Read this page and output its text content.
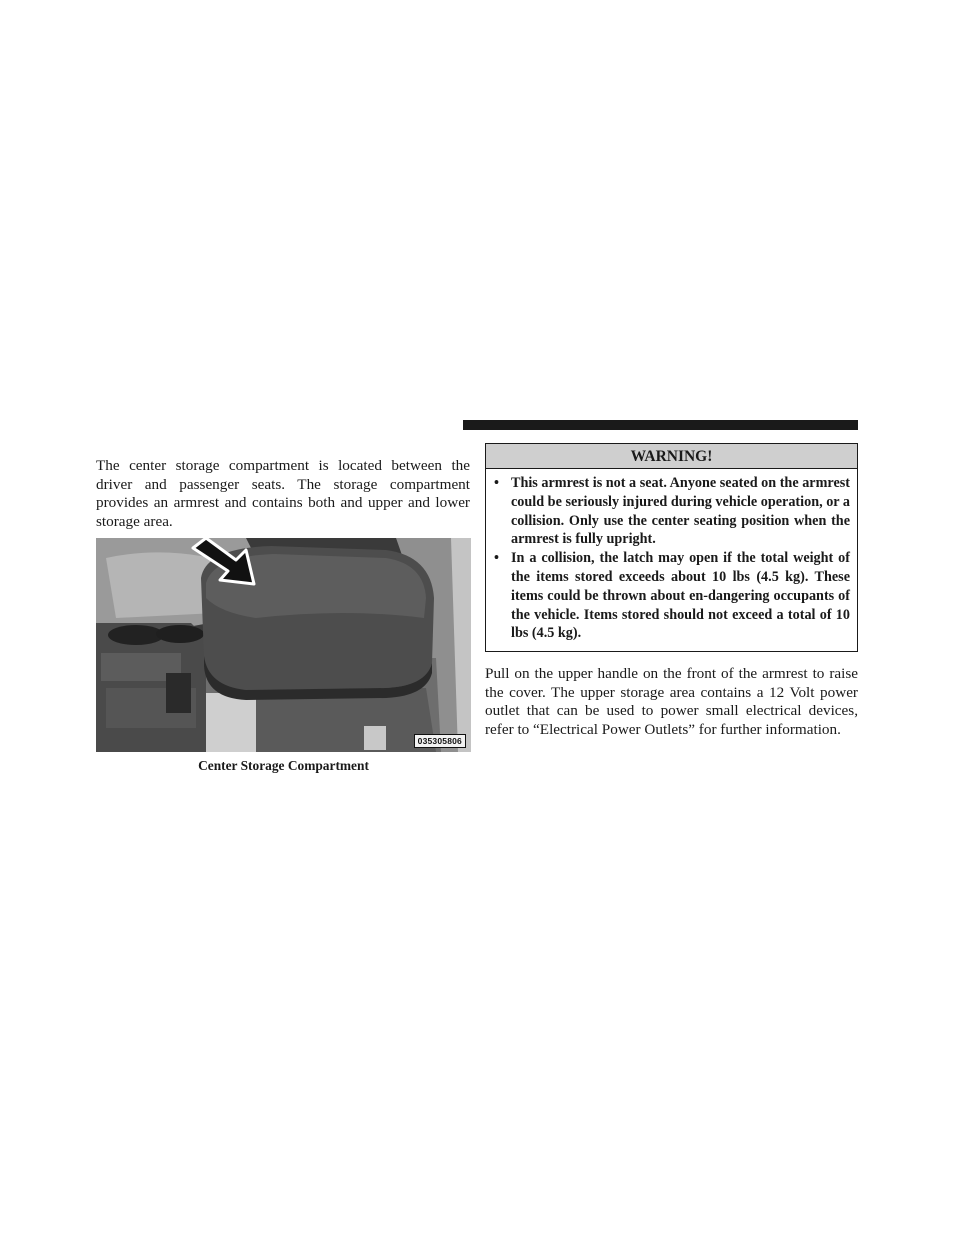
The center storage compartment is located between the driver and passenger seats. The storage compartment provides an armrest and contains both and upper and lower storage area.

035305806

Center Storage Compartment

WARNING!
• This armrest is not a seat. Anyone seated on the armrest could be seriously injured during vehicle operation, or a collision. Only use the center seating position when the armrest is fully upright.
• In a collision, the latch may open if the total weight of the items stored exceeds about 10 lbs (4.5 kg). These items could be thrown about en-dangering occupants of the vehicle. Items stored should not exceed a total of 10 lbs (4.5 kg).

Pull on the upper handle on the front of the armrest to raise the cover. The upper storage area contains a 12 Volt power outlet that can be used to power small electrical devices, refer to “Electrical Power Outlets” for further information.
